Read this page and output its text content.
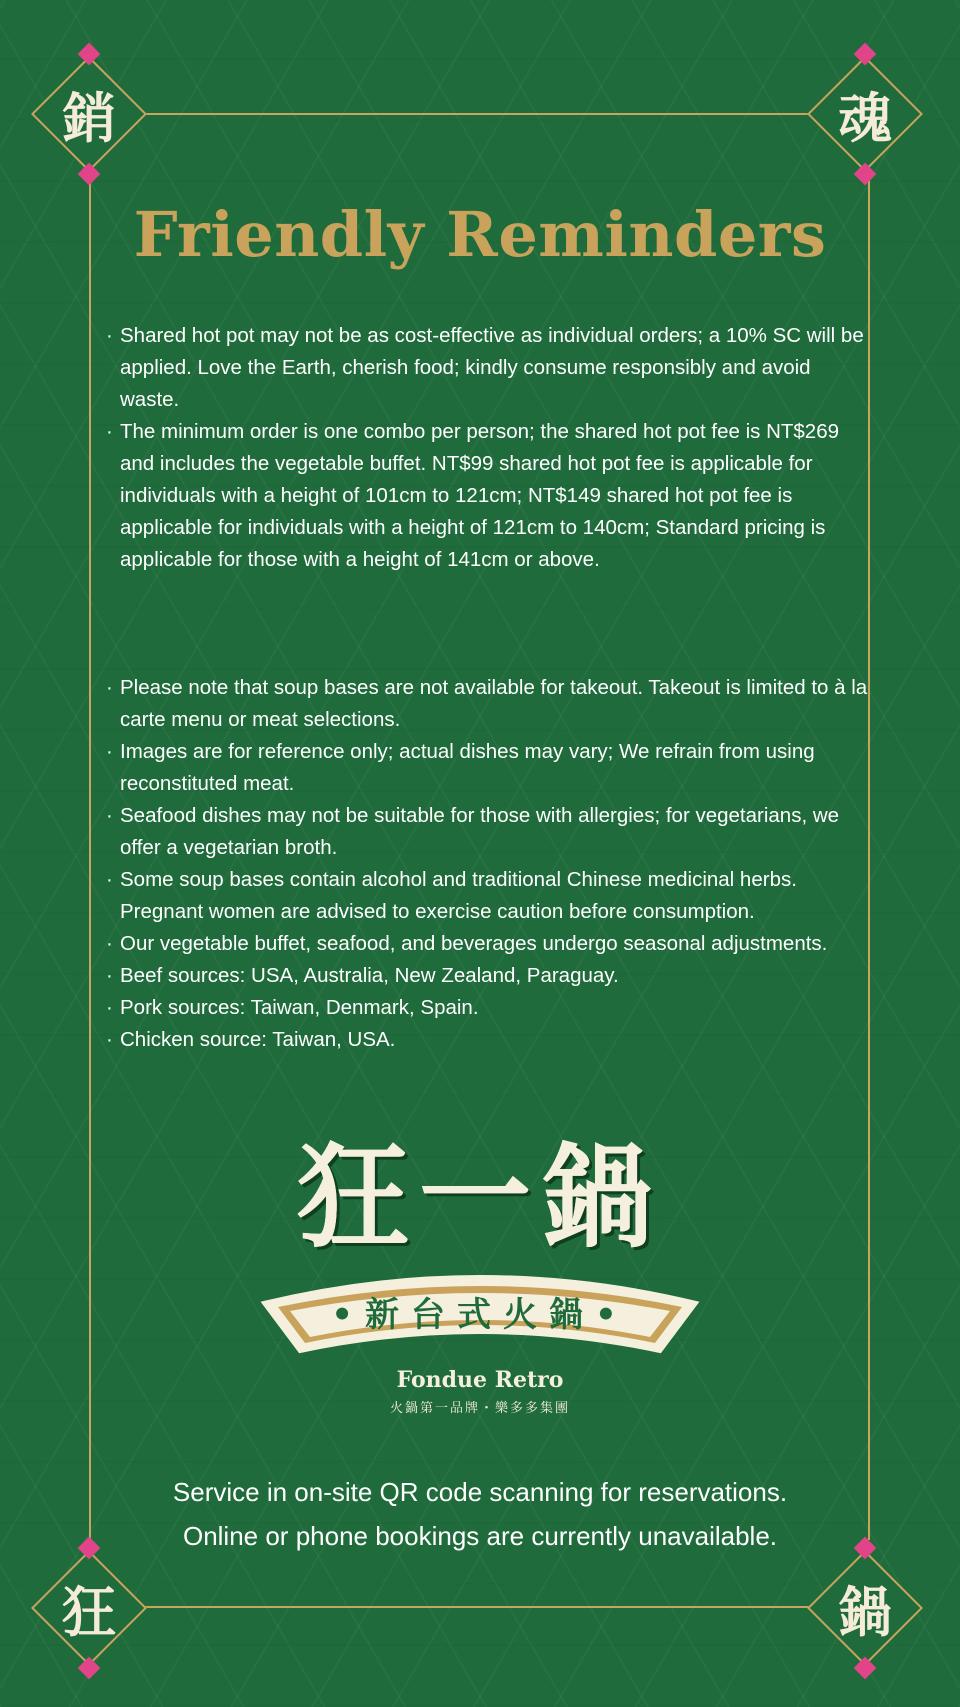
銷	魂
狂	鍋
Friendly Reminders
· Shared hot pot may not be as cost-effective as individual orders; a 10% SC will be applied. Love the Earth, cherish food; kindly consume responsibly and avoid waste.
· The minimum order is one combo per person; the shared hot pot fee is NT$269 and includes the vegetable buffet. NT$99 shared hot pot fee is applicable for individuals with a height of 101cm to 121cm; NT$149 shared hot pot fee is applicable for individuals with a height of 121cm to 140cm; Standard pricing is applicable for those with a height of 141cm or above.
· Please note that soup bases are not available for takeout. Takeout is limited to à la carte menu or meat selections.
· Images are for reference only; actual dishes may vary; We refrain from using reconstituted meat.
· Seafood dishes may not be suitable for those with allergies; for vegetarians, we offer a vegetarian broth.
· Some soup bases contain alcohol and traditional Chinese medicinal herbs. Pregnant women are advised to exercise caution before consumption.
· Our vegetable buffet, seafood, and beverages undergo seasonal adjustments.
· Beef sources: USA, Australia, New Zealand, Paraguay.
· Pork sources: Taiwan, Denmark, Spain.
· Chicken source: Taiwan, USA.
狂一鍋
•新台式火鍋•
Fondue Retro
火鍋第一品牌・樂多多集團
Service in on-site QR code scanning for reservations.
Online or phone bookings are currently unavailable.
